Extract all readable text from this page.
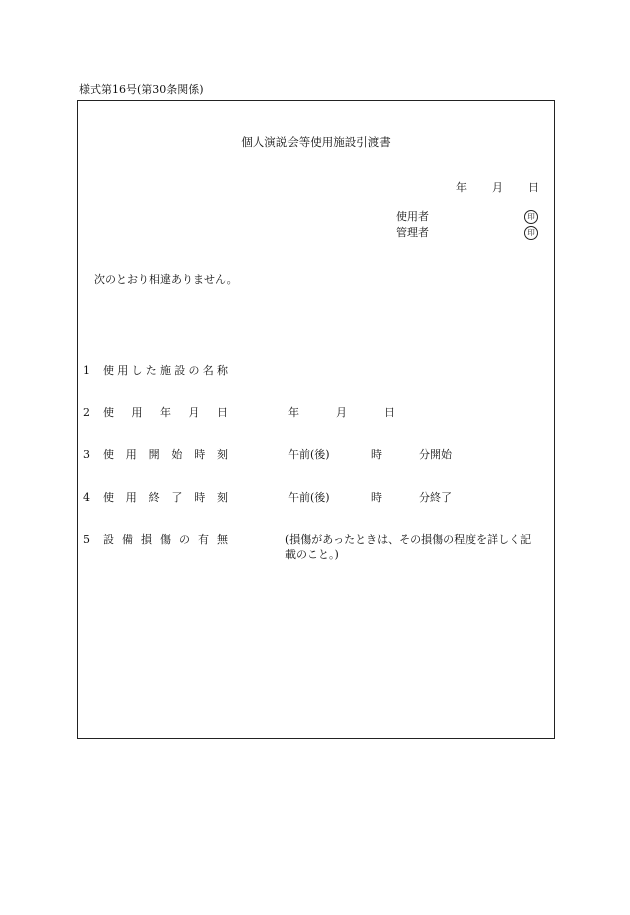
様式第16号(第30条関係)
個人演説会等使用施設引渡書
年 月 日
使用者	印
管理者	印
次のとおり相違ありません。
1 使 用 し た 施 設 の 名 称
2 使 用 年 月 日	年	月	日
3 使 用 開 始 時 刻	午前(後)	時	分開始
4 使 用 終 了 時 刻	午前(後)	時	分終了
5 設 備 損 傷 の 有 無	(損傷があったときは、その損傷の程度を詳しく記
載のこと。)
